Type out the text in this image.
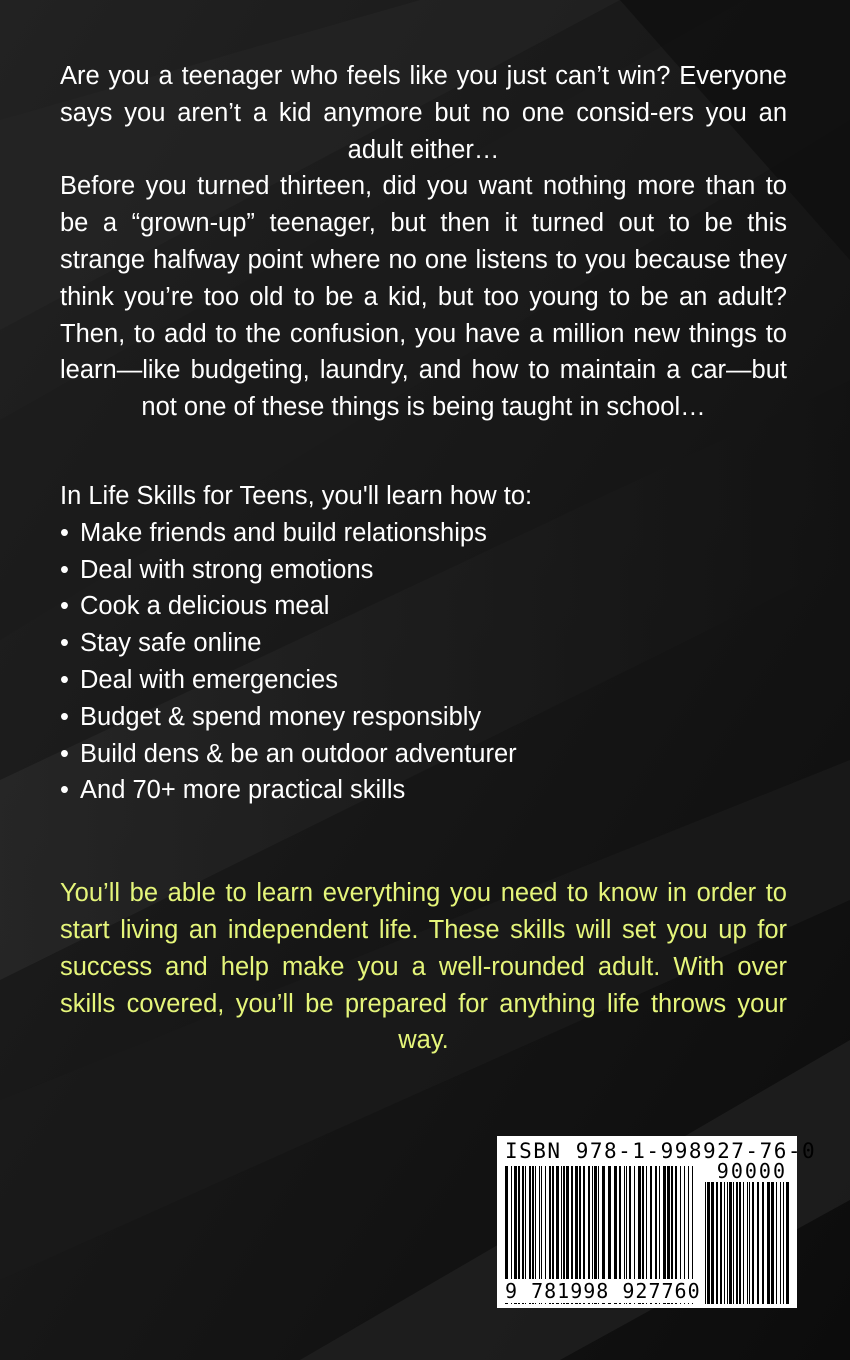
Are you a teenager who feels like you just can’t win? Everyone says you aren’t a kid anymore but no one consid-ers you an adult either…

Before you turned thirteen, did you want nothing more than to be a “grown-up” teenager, but then it turned out to be this strange halfway point where no one listens to you because they think you’re too old to be a kid, but too young to be an adult? Then, to add to the confusion, you have a million new things to learn—like budgeting, laundry, and how to maintain a car—but not one of these things is being taught in school…

In Life Skills for Teens, you'll learn how to:
• Make friends and build relationships
• Deal with strong emotions
• Cook a delicious meal
• Stay safe online
• Deal with emergencies
• Budget & spend money responsibly
• Build dens & be an outdoor adventurer
• And 70+ more practical skills

You’ll be able to learn everything you need to know in order to start living an independent life. These skills will set you up for success and help make you a well-rounded adult. With over skills covered, you’ll be prepared for anything life throws your way.

ISBN 978-1-998927-76-0
90000
9 781998 927760
